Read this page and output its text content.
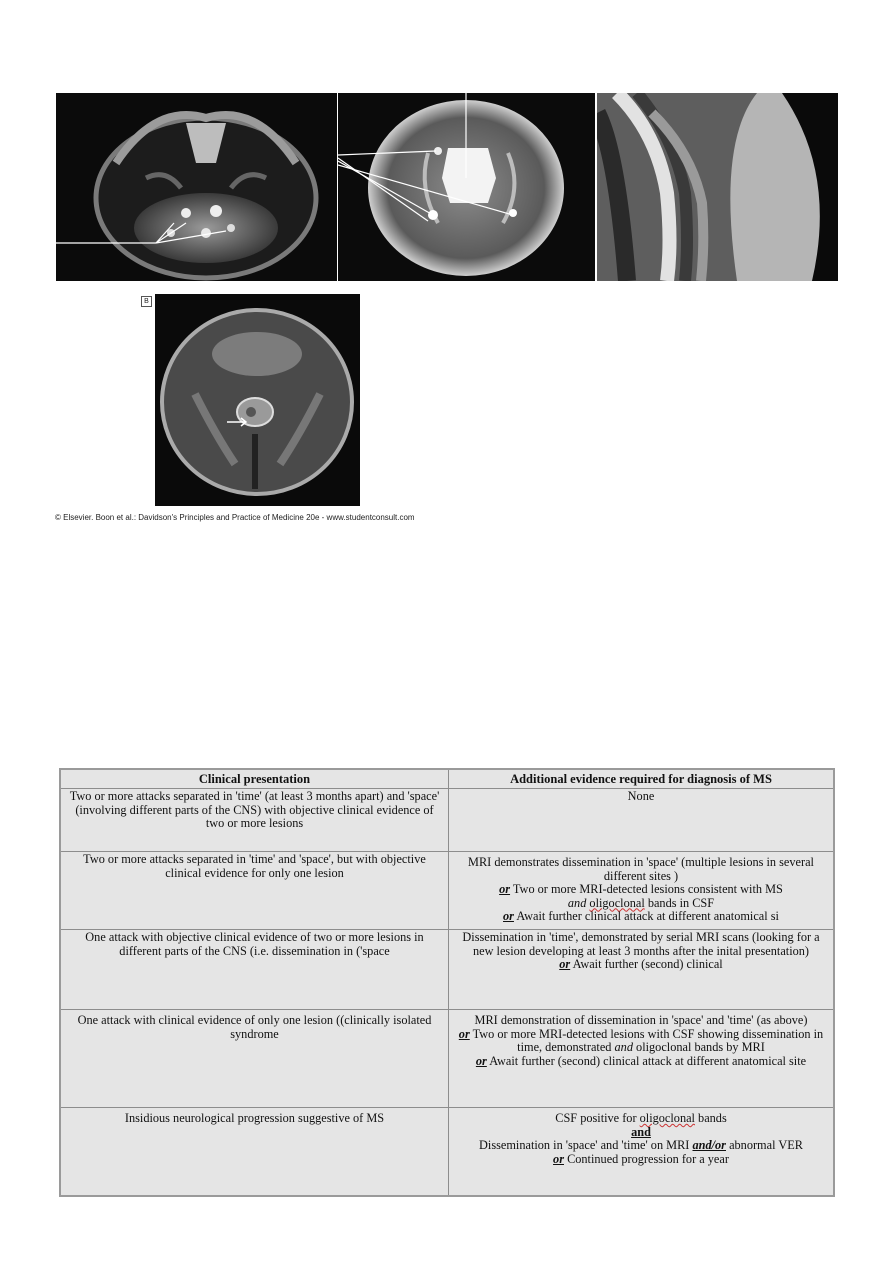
B
© Elsevier. Boon et al.: Davidson's Principles and Practice of Medicine 20e - www.studentconsult.com
Clinical presentation	Additional evidence required for diagnosis of MS
Two or more attacks separated in 'time' (at least 3 months apart) and 'space' (involving different parts of the CNS) with objective clinical evidence of two or more lesions	None
Two or more attacks separated in 'time' and 'space', but with objective clinical evidence for only one lesion	MRI demonstrates dissemination in 'space' (multiple lesions in several different sites )
or Two or more MRI-detected lesions consistent with MS
and oligoclonal bands in CSF
or Await further clinical attack at different anatomical si

One attack with objective clinical evidence of two or more lesions in different parts of the CNS (i.e. dissemination in ('space	Dissemination in 'time', demonstrated by serial MRI scans (looking for a new lesion developing at least 3 months after the inital presentation)
or Await further (second) clinical

One attack with clinical evidence of only one lesion ((clinically isolated syndrome	MRI demonstration of dissemination in 'space' and 'time' (as above)
or Two or more MRI-detected lesions with CSF showing dissemination in time, demonstrated and oligoclonal bands by MRI
or Await further (second) clinical attack at different anatomical site

Insidious neurological progression suggestive of MS	CSF positive for oligoclonal bands
and
Dissemination in 'space' and 'time' on MRI and/or abnormal VER
or Continued progression for a year
